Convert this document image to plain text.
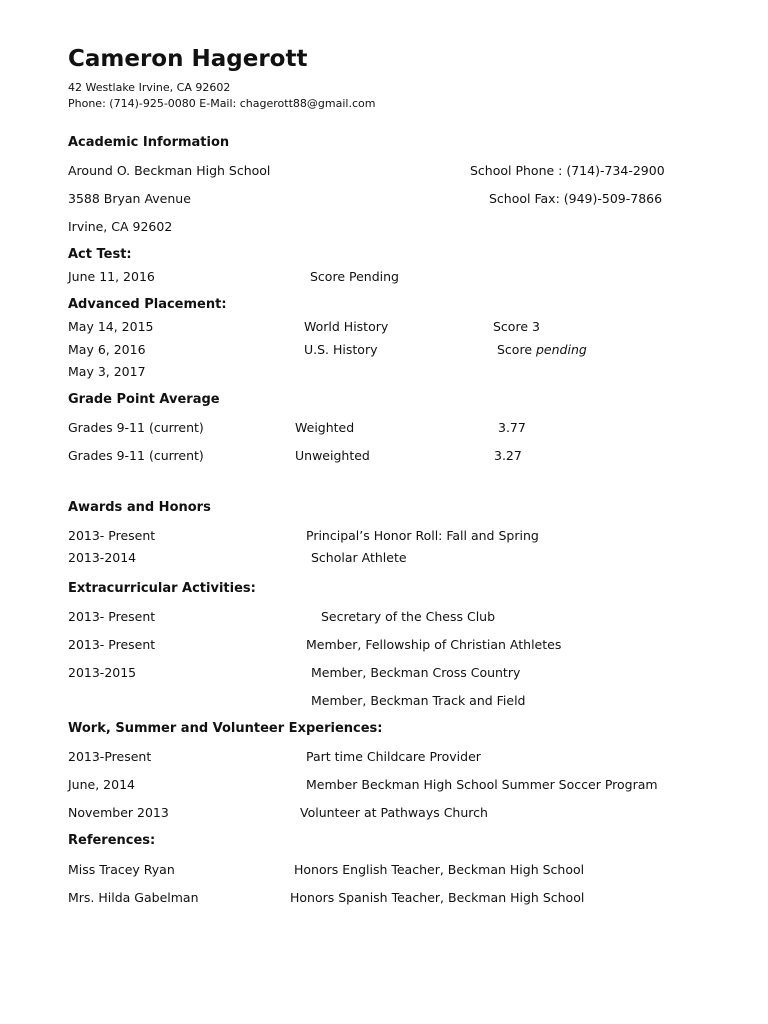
Cameron Hagerott
42 Westlake Irvine, CA 92602
Phone: (714)-925-0080 E-Mail: chagerott88@gmail.com
Academic Information
Around O. Beckman High School	School Phone : (714)-734-2900
3588 Bryan Avenue	School Fax: (949)-509-7866
Irvine, CA 92602
Act Test:
June 11, 2016	Score Pending
Advanced Placement:
May 14, 2015	World History	Score 3
May 6, 2016	U.S. History	Score pending
May 3, 2017
Grade Point Average
Grades 9-11 (current)	Weighted	3.77
Grades 9-11 (current)	Unweighted	3.27
Awards and Honors
2013- Present	Principal’s Honor Roll: Fall and Spring
2013-2014	Scholar Athlete
Extracurricular Activities:
2013- Present	Secretary of the Chess Club
2013- Present	Member, Fellowship of Christian Athletes
2013-2015	Member, Beckman Cross Country
Member, Beckman Track and Field
Work, Summer and Volunteer Experiences:
2013-Present	Part time Childcare Provider
June, 2014	Member Beckman High School Summer Soccer Program
November 2013	Volunteer at Pathways Church
References:
Miss Tracey Ryan	Honors English Teacher, Beckman High School
Mrs. Hilda Gabelman	Honors Spanish Teacher, Beckman High School
